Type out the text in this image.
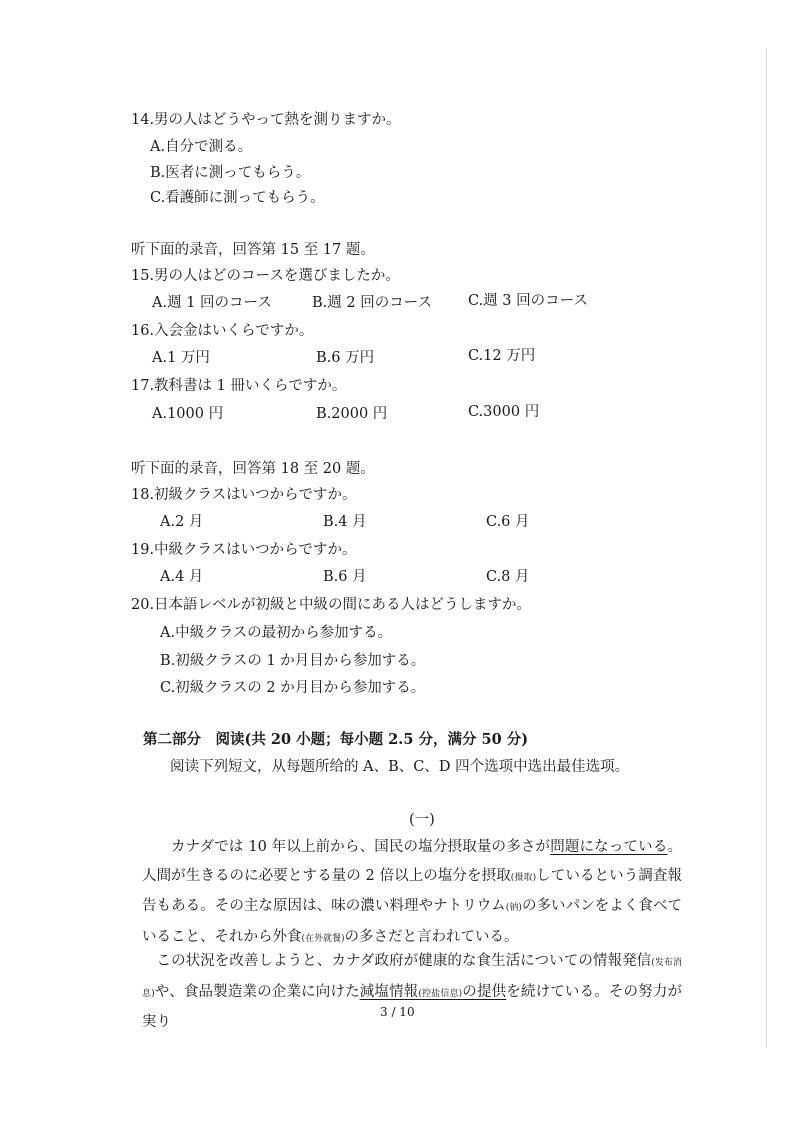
14.男の人はどうやって熱を測りますか。
A.自分で測る。
B.医者に測ってもらう。
C.看護師に測ってもらう。
听下面的录音，回答第 15 至 17 题。
15.男の人はどのコースを選びましたか。
A.週 1 回のコース	B.週 2 回のコース C.週 3 回のコース
16.入会金はいくらですか。
A.1 万円	B.6 万円	C.12 万円
17.教科書は 1 冊いくらですか。
A.1000 円	B.2000 円	C.3000 円
听下面的录音，回答第 18 至 20 题。
18.初級クラスはいつからですか。
A.2 月	B.4 月	C.6 月
19.中級クラスはいつからですか。
A.4 月	B.6 月	C.8 月
20.日本語レベルが初級と中級の間にある人はどうしますか。
A.中級クラスの最初から参加する。
B.初級クラスの 1 か月目から参加する。
C.初級クラスの 2 か月目から参加する。
第二部分　阅读(共 20 小题；每小题 2.5 分，满分 50 分)
阅读下列短文，从每题所给的 A、B、C、D 四个选项中选出最佳选项。
(一)
カナダでは 10 年以上前から、国民の塩分摂取量の多さが問題になっている。人間が生きるのに必要とする量の 2 倍以上の塩分を摂取(摄取)しているという調査報告もある。その主な原因は、味の濃い料理やナトリウム(钠)の多いパンをよく食べていること、それから外食(在外就餐)の多さだと言われている。
この状況を改善しようと、カナダ政府が健康的な食生活についての情報発信(发布消息)や、食品製造業の企業に向けた減塩情報(控盐信息)の提供を続けている。その努力が実り
3 / 10
